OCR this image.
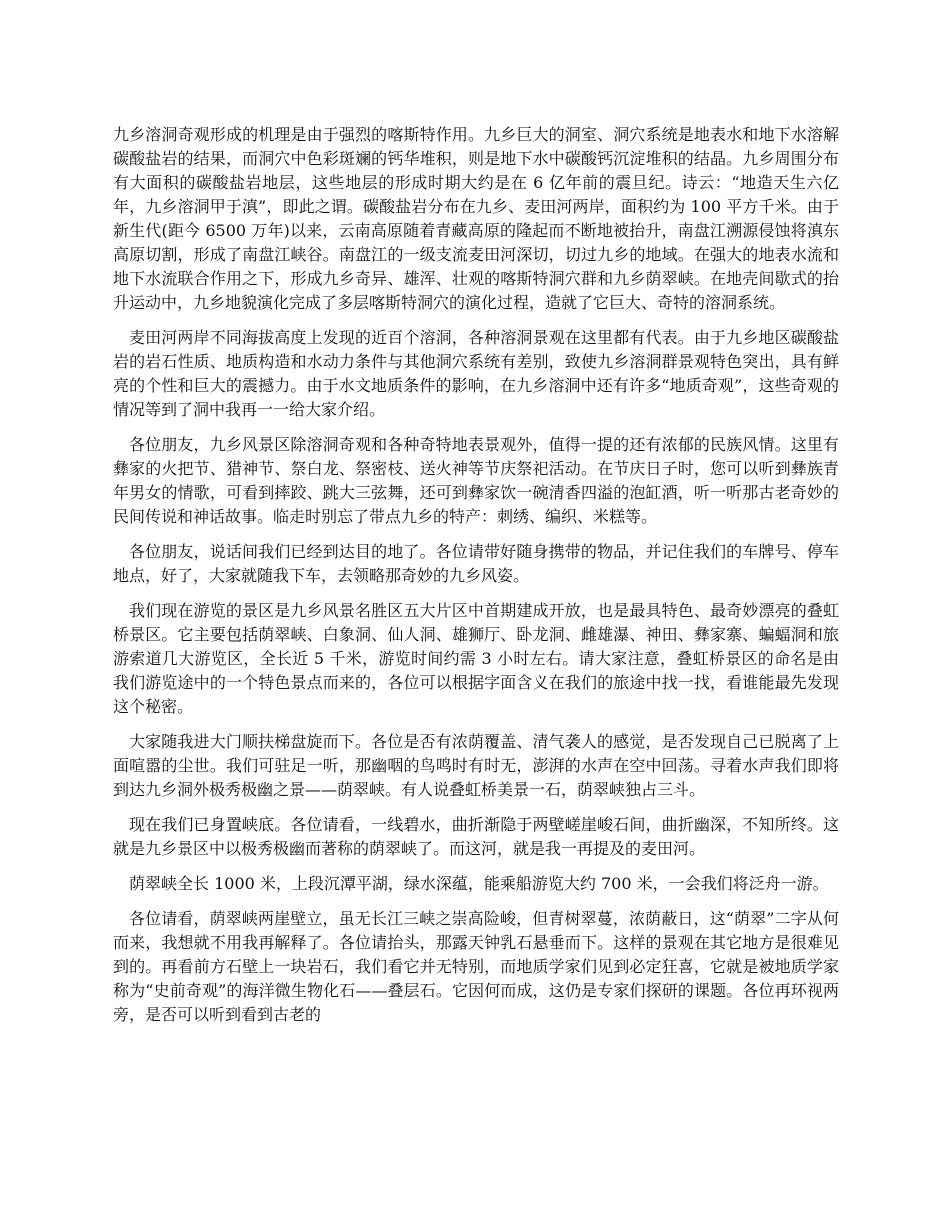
九乡溶洞奇观形成的机理是由于强烈的喀斯特作用。九乡巨大的洞室、洞穴系统是地表水和地下水溶解碳酸盐岩的结果，而洞穴中色彩斑斓的钙华堆积，则是地下水中碳酸钙沉淀堆积的结晶。九乡周围分布有大面积的碳酸盐岩地层，这些地层的形成时期大约是在 6 亿年前的震旦纪。诗云：“地造天生六亿年，九乡溶洞甲于滇”，即此之谓。碳酸盐岩分布在九乡、麦田河两岸，面积约为 100 平方千米。由于新生代(距今 6500 万年)以来，云南高原随着青藏高原的隆起而不断地被抬升，南盘江溯源侵蚀将滇东高原切割，形成了南盘江峡谷。南盘江的一级支流麦田河深切，切过九乡的地域。在强大的地表水流和地下水流联合作用之下，形成九乡奇异、雄浑、壮观的喀斯特洞穴群和九乡荫翠峡。在地壳间歇式的抬升运动中，九乡地貌演化完成了多层喀斯特洞穴的演化过程，造就了它巨大、奇特的溶洞系统。

麦田河两岸不同海拔高度上发现的近百个溶洞，各种溶洞景观在这里都有代表。由于九乡地区碳酸盐岩的岩石性质、地质构造和水动力条件与其他洞穴系统有差别，致使九乡溶洞群景观特色突出，具有鲜亮的个性和巨大的震撼力。由于水文地质条件的影响，在九乡溶洞中还有许多“地质奇观”，这些奇观的情况等到了洞中我再一一给大家介绍。

各位朋友，九乡风景区除溶洞奇观和各种奇特地表景观外，值得一提的还有浓郁的民族风情。这里有彝家的火把节、猎神节、祭白龙、祭密枝、送火神等节庆祭祀活动。在节庆日子时，您可以听到彝族青年男女的情歌，可看到摔跤、跳大三弦舞，还可到彝家饮一碗清香四溢的泡缸酒，听一听那古老奇妙的民间传说和神话故事。临走时别忘了带点九乡的特产：刺绣、编织、米糕等。

各位朋友，说话间我们已经到达目的地了。各位请带好随身携带的物品，并记住我们的车牌号、停车地点，好了，大家就随我下车，去领略那奇妙的九乡风姿。

我们现在游览的景区是九乡风景名胜区五大片区中首期建成开放，也是最具特色、最奇妙漂亮的叠虹桥景区。它主要包括荫翠峡、白象洞、仙人洞、雄狮厅、卧龙洞、雌雄瀑、神田、彝家寨、蝙蝠洞和旅游索道几大游览区，全长近 5 千米，游览时间约需 3 小时左右。请大家注意，叠虹桥景区的命名是由我们游览途中的一个特色景点而来的，各位可以根据字面含义在我们的旅途中找一找，看谁能最先发现这个秘密。

大家随我进大门顺扶梯盘旋而下。各位是否有浓荫覆盖、清气袭人的感觉，是否发现自己已脱离了上面喧嚣的尘世。我们可驻足一听，那幽咽的鸟鸣时有时无，澎湃的水声在空中回荡。寻着水声我们即将到达九乡洞外极秀极幽之景——荫翠峡。有人说叠虹桥美景一石，荫翠峡独占三斗。

现在我们已身置峡底。各位请看，一线碧水，曲折渐隐于两壁嵯崖峻石间，曲折幽深，不知所终。这就是九乡景区中以极秀极幽而著称的荫翠峡了。而这河，就是我一再提及的麦田河。

荫翠峡全长 1000 米，上段沉潭平湖，绿水深蕴，能乘船游览大约 700 米，一会我们将泛舟一游。

各位请看，荫翠峡两崖壁立，虽无长江三峡之崇高险峻，但青树翠蔓，浓荫蔽日，这“荫翠”二字从何而来，我想就不用我再解释了。各位请抬头，那露天钟乳石悬垂而下。这样的景观在其它地方是很难见到的。再看前方石壁上一块岩石，我们看它并无特别，而地质学家们见到必定狂喜，它就是被地质学家称为“史前奇观”的海洋微生物化石——叠层石。它因何而成，这仍是专家们探研的课题。各位再环视两旁，是否可以听到看到古老的
